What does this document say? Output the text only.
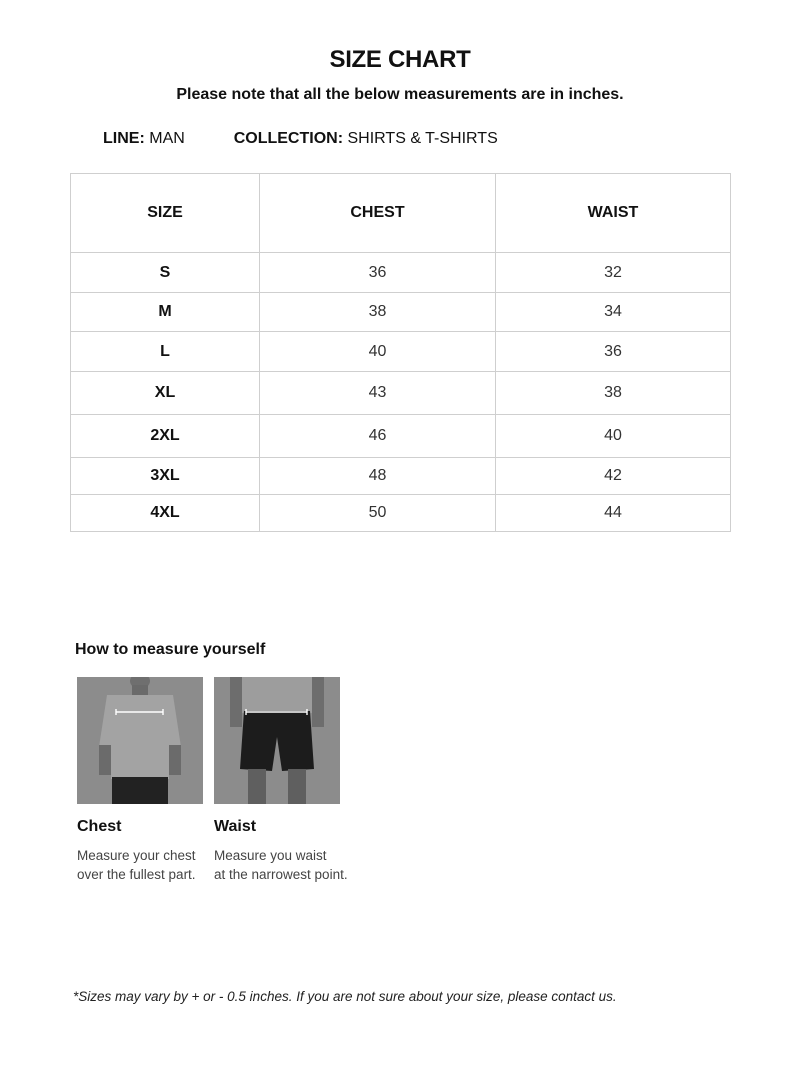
SIZE CHART
Please note that all the below measurements are in inches.
LINE: MAN	COLLECTION: SHIRTS & T-SHIRTS
SIZE	CHEST	WAIST
S	36	32
M	38	34
L	40	36
XL	43	38
2XL	46	40
3XL	48	42
4XL	50	44
How to measure yourself
Chest
Measure your chest
over the fullest part.
Waist
Measure you waist
at the narrowest point.
*Sizes may vary by + or - 0.5 inches. If you are not sure about your size, please contact us.
